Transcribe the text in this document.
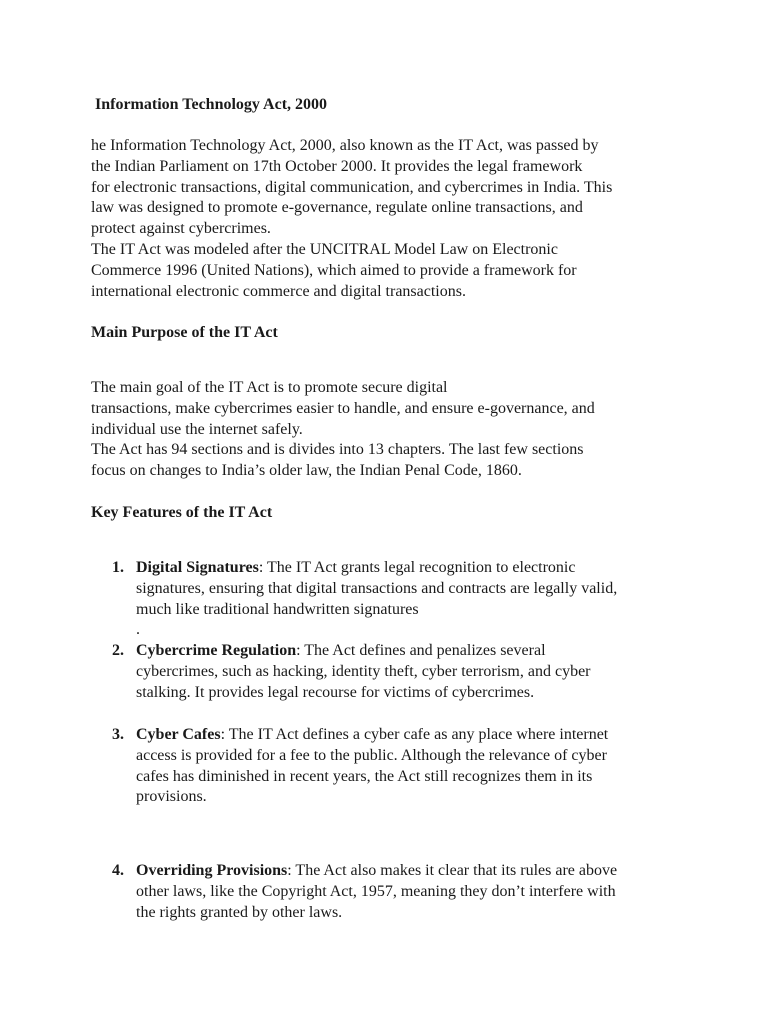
Information Technology Act, 2000
he Information Technology Act, 2000, also known as the IT Act, was passed by
the Indian Parliament on 17th October 2000. It provides the legal framework
for electronic transactions, digital communication, and cybercrimes in India. This
law was designed to promote e-governance, regulate online transactions, and
protect against cybercrimes.
The IT Act was modeled after the UNCITRAL Model Law on Electronic
Commerce 1996 (United Nations), which aimed to provide a framework for
international electronic commerce and digital transactions.
Main Purpose of the IT Act
The main goal of the IT Act is to promote secure digital
transactions, make cybercrimes easier to handle, and ensure e-governance, and
individual use the internet safely.
The Act has 94 sections and is divides into 13 chapters. The last few sections
focus on changes to India’s older law, the Indian Penal Code, 1860.
Key Features of the IT Act
1. Digital Signatures: The IT Act grants legal recognition to electronic
signatures, ensuring that digital transactions and contracts are legally valid,
much like traditional handwritten signatures
.
2. Cybercrime Regulation: The Act defines and penalizes several
cybercrimes, such as hacking, identity theft, cyber terrorism, and cyber
stalking. It provides legal recourse for victims of cybercrimes.
3. Cyber Cafes: The IT Act defines a cyber cafe as any place where internet
access is provided for a fee to the public. Although the relevance of cyber
cafes has diminished in recent years, the Act still recognizes them in its
provisions.
4. Overriding Provisions: The Act also makes it clear that its rules are above
other laws, like the Copyright Act, 1957, meaning they don’t interfere with
the rights granted by other laws.
